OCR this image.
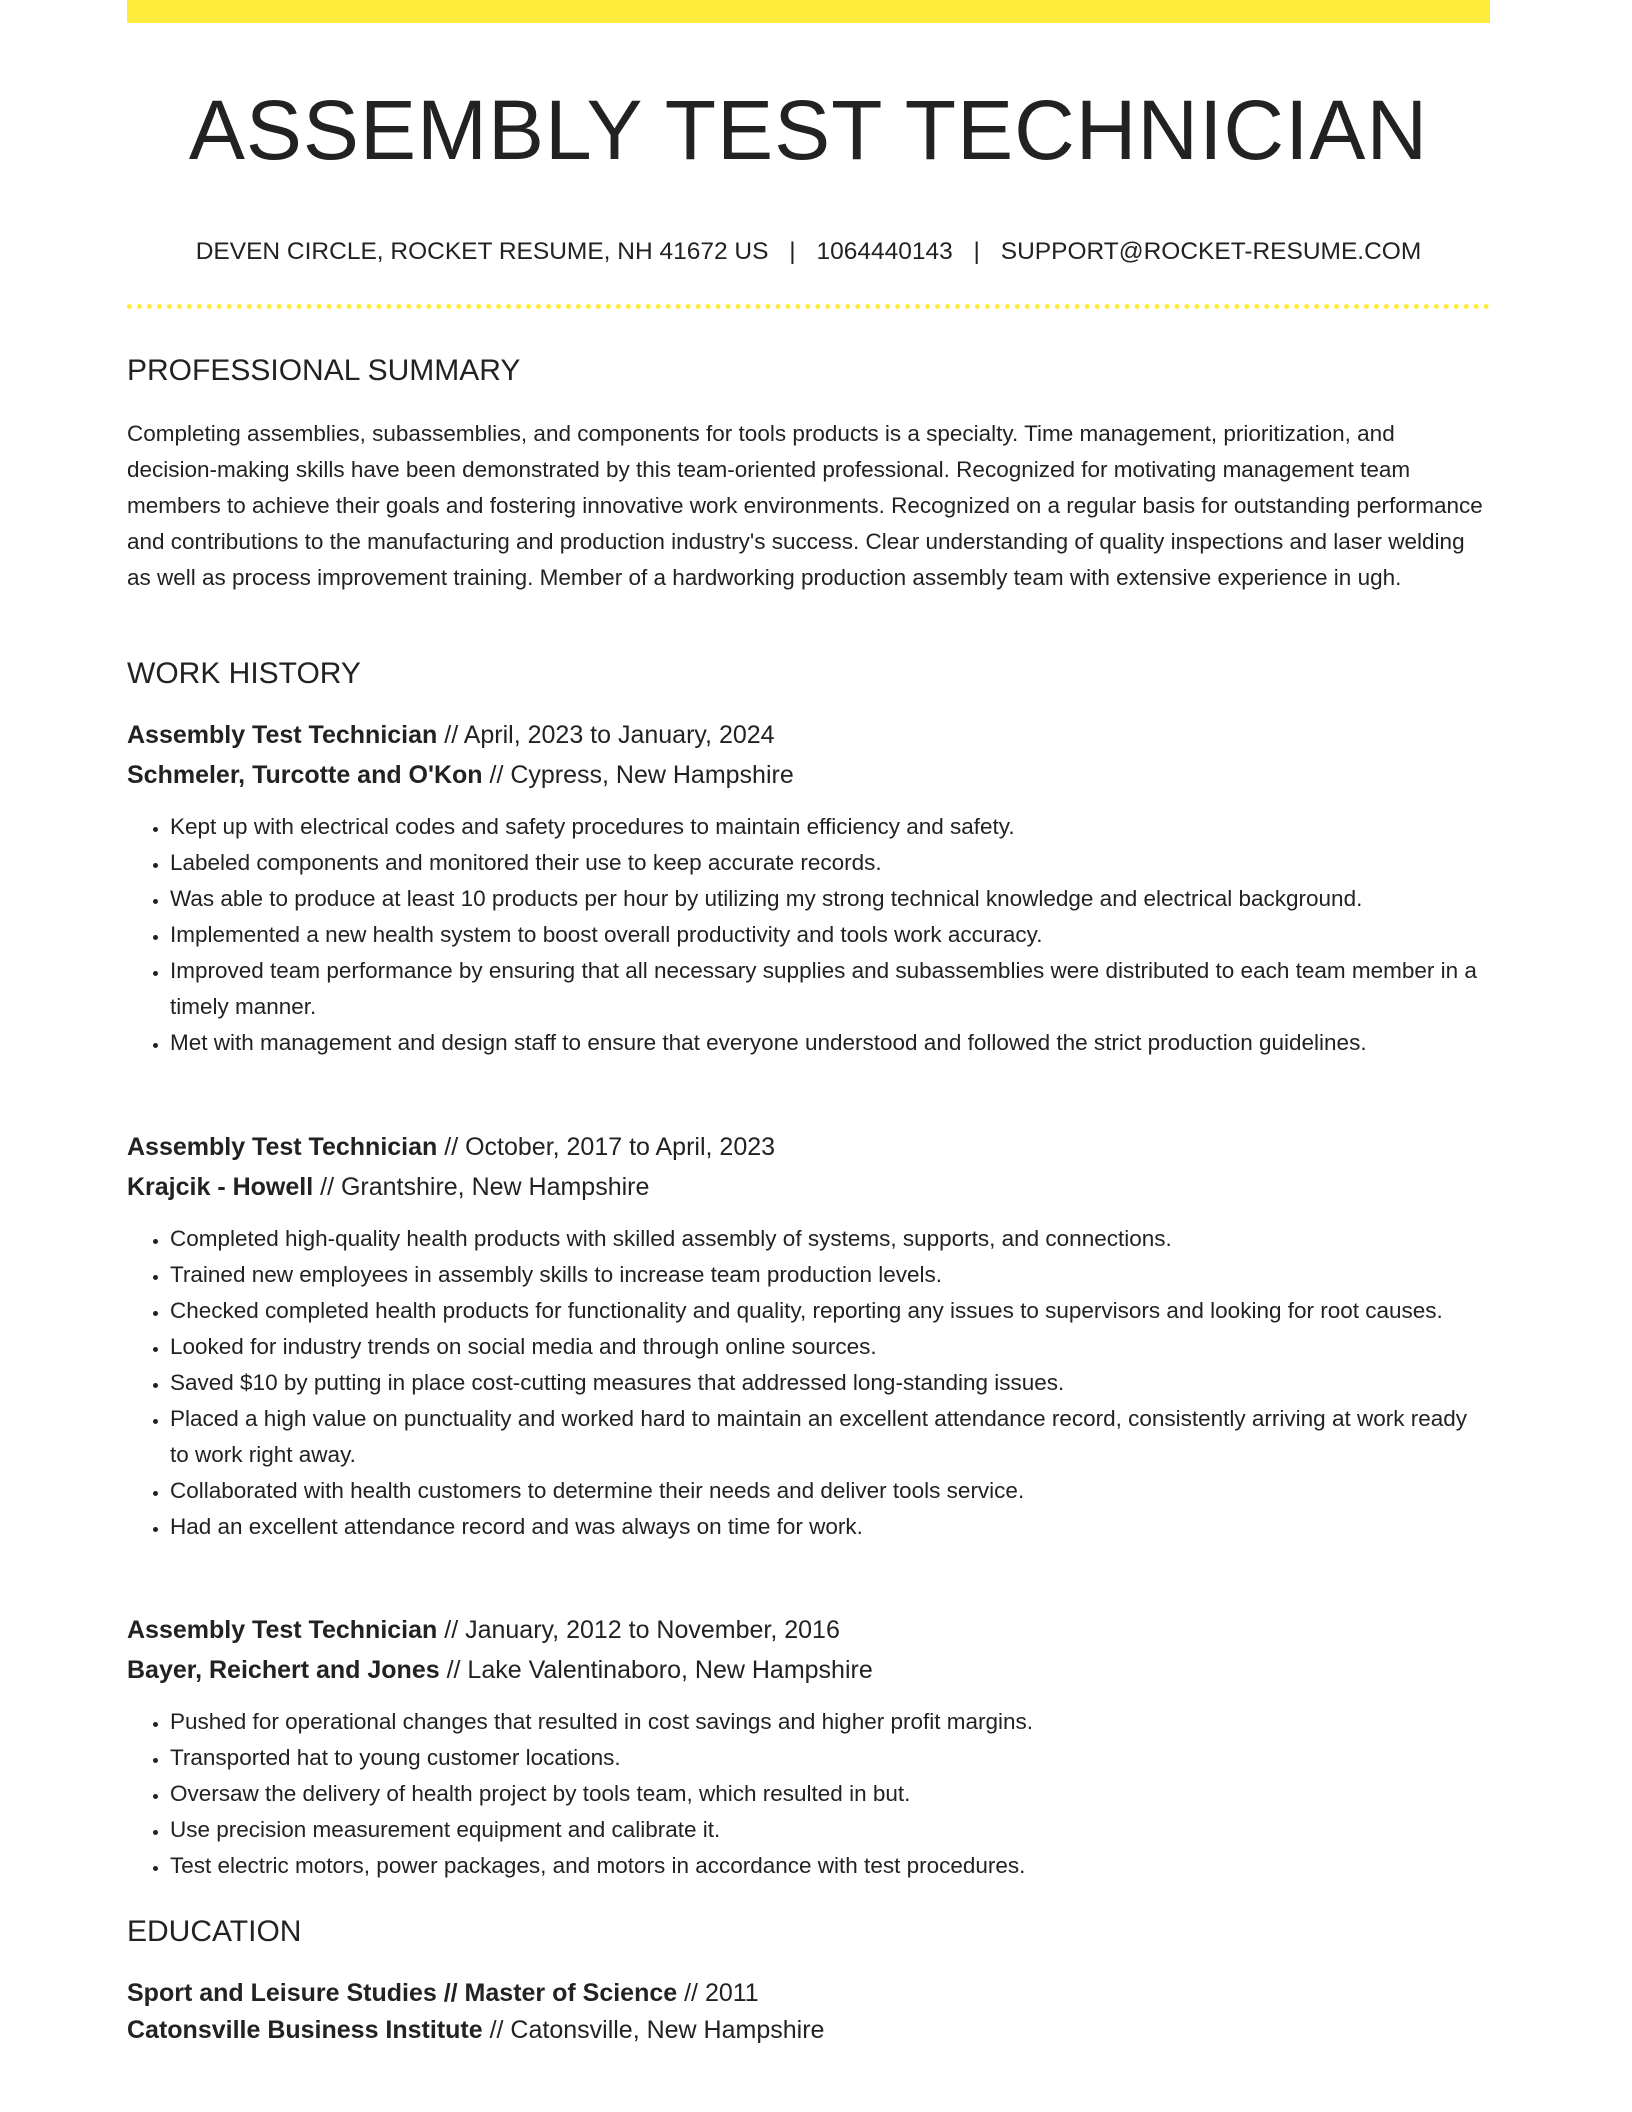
ASSEMBLY TEST TECHNICIAN
DEVEN CIRCLE, ROCKET RESUME, NH 41672 US | 1064440143 | SUPPORT@ROCKET-RESUME.COM
PROFESSIONAL SUMMARY

Completing assemblies, subassemblies, and components for tools products is a specialty. Time management, prioritization, and decision-making skills have been demonstrated by this team-oriented professional. Recognized for motivating management team members to achieve their goals and fostering innovative work environments. Recognized on a regular basis for outstanding performance and contributions to the manufacturing and production industry's success. Clear understanding of quality inspections and laser welding as well as process improvement training. Member of a hardworking production assembly team with extensive experience in ugh.

WORK HISTORY
Assembly Test Technician // April, 2023 to January, 2024
Schmeler, Turcotte and O'Kon // Cypress, New Hampshire
• Kept up with electrical codes and safety procedures to maintain efficiency and safety.
• Labeled components and monitored their use to keep accurate records.
• Was able to produce at least 10 products per hour by utilizing my strong technical knowledge and electrical background.
• Implemented a new health system to boost overall productivity and tools work accuracy.
• Improved team performance by ensuring that all necessary supplies and subassemblies were distributed to each team member in a timely manner.
• Met with management and design staff to ensure that everyone understood and followed the strict production guidelines.
Assembly Test Technician // October, 2017 to April, 2023
Krajcik - Howell // Grantshire, New Hampshire
• Completed high-quality health products with skilled assembly of systems, supports, and connections.
• Trained new employees in assembly skills to increase team production levels.
• Checked completed health products for functionality and quality, reporting any issues to supervisors and looking for root causes.
• Looked for industry trends on social media and through online sources.
• Saved $10 by putting in place cost-cutting measures that addressed long-standing issues.
• Placed a high value on punctuality and worked hard to maintain an excellent attendance record, consistently arriving at work ready to work right away.
• Collaborated with health customers to determine their needs and deliver tools service.
• Had an excellent attendance record and was always on time for work.
Assembly Test Technician // January, 2012 to November, 2016
Bayer, Reichert and Jones // Lake Valentinaboro, New Hampshire
• Pushed for operational changes that resulted in cost savings and higher profit margins.
• Transported hat to young customer locations.
• Oversaw the delivery of health project by tools team, which resulted in but.
• Use precision measurement equipment and calibrate it.
• Test electric motors, power packages, and motors in accordance with test procedures.
EDUCATION
Sport and Leisure Studies // Master of Science // 2011
Catonsville Business Institute // Catonsville, New Hampshire
